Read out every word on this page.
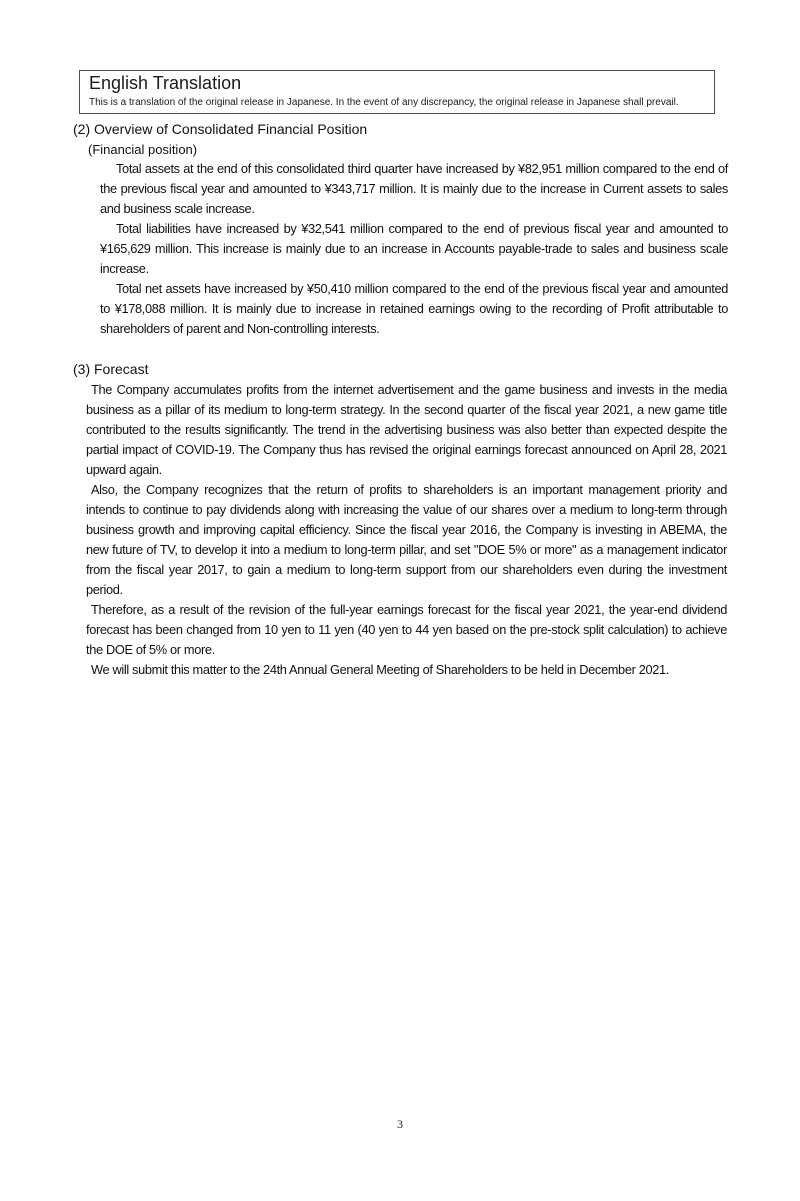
English Translation
This is a translation of the original release in Japanese. In the event of any discrepancy, the original release in Japanese shall prevail.
(2) Overview of Consolidated Financial Position
(Financial position)

Total assets at the end of this consolidated third quarter have increased by ¥82,951 million compared to the end of the previous fiscal year and amounted to ¥343,717 million. It is mainly due to the increase in Current assets to sales and business scale increase.

Total liabilities have increased by ¥32,541 million compared to the end of previous fiscal year and amounted to ¥165,629 million. This increase is mainly due to an increase in Accounts payable-trade to sales and business scale increase.

Total net assets have increased by ¥50,410 million compared to the end of the previous fiscal year and amounted to ¥178,088 million. It is mainly due to increase in retained earnings owing to the recording of Profit attributable to shareholders of parent and Non-controlling interests.

(3) Forecast

The Company accumulates profits from the internet advertisement and the game business and invests in the media business as a pillar of its medium to long-term strategy. In the second quarter of the fiscal year 2021, a new game title contributed to the results significantly. The trend in the advertising business was also better than expected despite the partial impact of COVID-19. The Company thus has revised the original earnings forecast announced on April 28, 2021 upward again.

Also, the Company recognizes that the return of profits to shareholders is an important management priority and intends to continue to pay dividends along with increasing the value of our shares over a medium to long-term through business growth and improving capital efficiency. Since the fiscal year 2016, the Company is investing in ABEMA, the new future of TV, to develop it into a medium to long-term pillar, and set "DOE 5% or more" as a management indicator from the fiscal year 2017, to gain a medium to long-term support from our shareholders even during the investment period.

Therefore, as a result of the revision of the full-year earnings forecast for the fiscal year 2021, the year-end dividend forecast has been changed from 10 yen to 11 yen (40 yen to 44 yen based on the pre-stock split calculation) to achieve the DOE of 5% or more.

We will submit this matter to the 24th Annual General Meeting of Shareholders to be held in December 2021.

3
